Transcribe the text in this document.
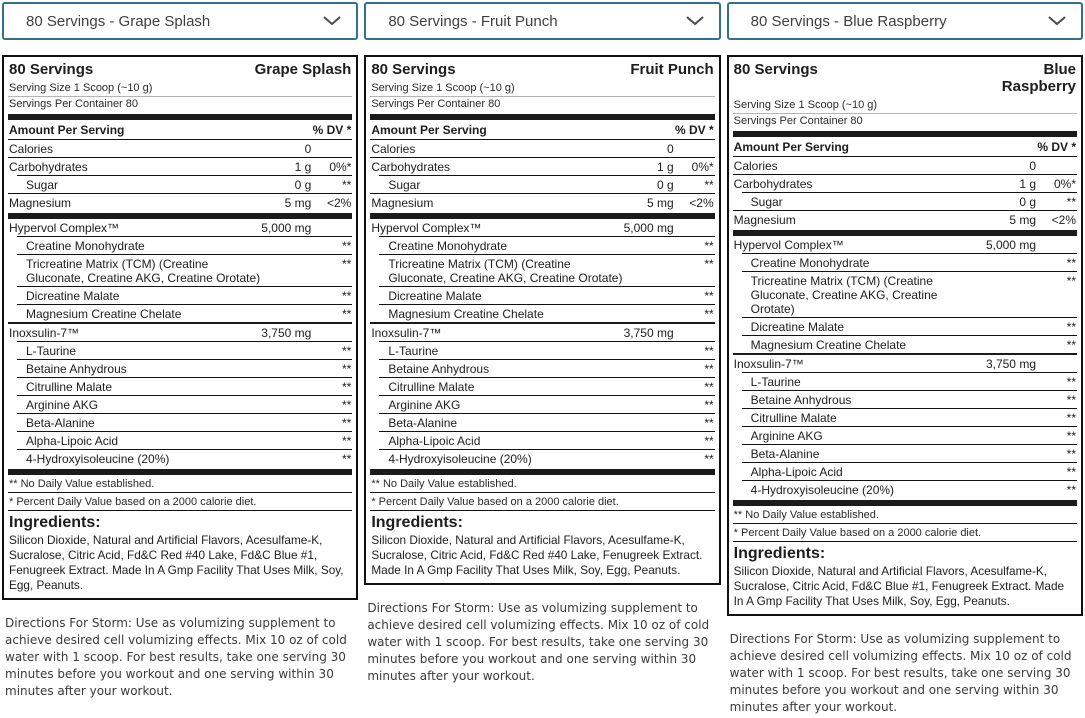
80 Servings - Grape Splash
80 Servings	Grape Splash
Serving Size 1 Scoop (~10 g)
Servings Per Container 80
Amount Per Serving	% DV *
Calories	0
Carbohydrates	1 g	0%*
Sugar	0 g	**
Magnesium	5 mg	<2%
Hypervol Complex™	5,000 mg
Creatine Monohydrate	**
Tricreatine Matrix (TCM) (Creatine
Gluconate, Creatine AKG, Creatine Orotate)
**
Dicreatine Malate	**
Magnesium Creatine Chelate	**
Inoxsulin-7™	3,750 mg
L-Taurine	**
Betaine Anhydrous	**
Citrulline Malate	**
Arginine AKG	**
Beta-Alanine	**
Alpha-Lipoic Acid	**
4-Hydroxyisoleucine (20%)	**
** No Daily Value established.
* Percent Daily Value based on a 2000 calorie diet.
Ingredients:
Silicon Dioxide, Natural and Artificial Flavors, Acesulfame-K, Sucralose, Citric Acid, Fd&C Red #40 Lake, Fd&C Blue #1, Fenugreek Extract. Made In A Gmp Facility That Uses Milk, Soy, Egg, Peanuts.
Directions For Storm: Use as volumizing supplement to achieve desired cell volumizing effects. Mix 10 oz of cold water with 1 scoop. For best results, take one serving 30 minutes before you workout and one serving within 30 minutes after your workout.
80 Servings - Fruit Punch
80 Servings	Fruit Punch
Serving Size 1 Scoop (~10 g)
Servings Per Container 80
Amount Per Serving	% DV *
Calories	0
Carbohydrates	1 g	0%*
Sugar	0 g	**
Magnesium	5 mg	<2%
Hypervol Complex™	5,000 mg
Creatine Monohydrate	**
Tricreatine Matrix (TCM) (Creatine
Gluconate, Creatine AKG, Creatine Orotate)
**
Dicreatine Malate	**
Magnesium Creatine Chelate	**
Inoxsulin-7™	3,750 mg
L-Taurine	**
Betaine Anhydrous	**
Citrulline Malate	**
Arginine AKG	**
Beta-Alanine	**
Alpha-Lipoic Acid	**
4-Hydroxyisoleucine (20%)	**
** No Daily Value established.
* Percent Daily Value based on a 2000 calorie diet.
Ingredients:
Silicon Dioxide, Natural and Artificial Flavors, Acesulfame-K, Sucralose, Citric Acid, Fd&C Red #40 Lake, Fenugreek Extract. Made In A Gmp Facility That Uses Milk, Soy, Egg, Peanuts.
Directions For Storm: Use as volumizing supplement to achieve desired cell volumizing effects. Mix 10 oz of cold water with 1 scoop. For best results, take one serving 30 minutes before you workout and one serving within 30 minutes after your workout.
80 Servings - Blue Raspberry
80 Servings	Blue
Raspberry
Serving Size 1 Scoop (~10 g)
Servings Per Container 80
Amount Per Serving	% DV *
Calories	0
Carbohydrates	1 g	0%*
Sugar	0 g	**
Magnesium	5 mg	<2%
Hypervol Complex™	5,000 mg
Creatine Monohydrate	**
Tricreatine Matrix (TCM) (Creatine
Gluconate, Creatine AKG, Creatine
Orotate)
**
Dicreatine Malate	**
Magnesium Creatine Chelate	**
Inoxsulin-7™	3,750 mg
L-Taurine	**
Betaine Anhydrous	**
Citrulline Malate	**
Arginine AKG	**
Beta-Alanine	**
Alpha-Lipoic Acid	**
4-Hydroxyisoleucine (20%)	**
** No Daily Value established.
* Percent Daily Value based on a 2000 calorie diet.
Ingredients:
Silicon Dioxide, Natural and Artificial Flavors, Acesulfame-K, Sucralose, Citric Acid, Fd&C Blue #1, Fenugreek Extract. Made In A Gmp Facility That Uses Milk, Soy, Egg, Peanuts.
Directions For Storm: Use as volumizing supplement to achieve desired cell volumizing effects. Mix 10 oz of cold water with 1 scoop. For best results, take one serving 30 minutes before you workout and one serving within 30 minutes after your workout.
